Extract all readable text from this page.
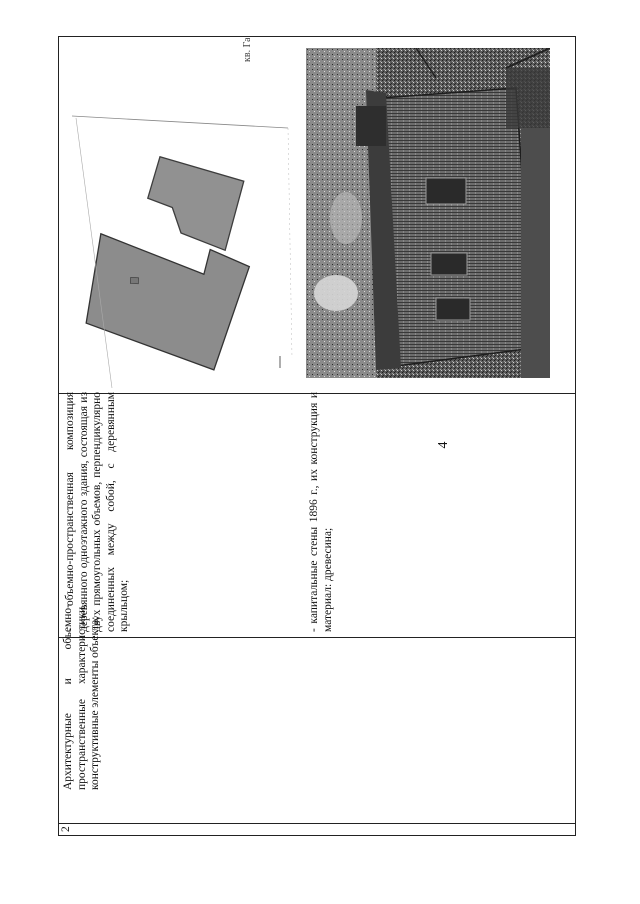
4
2
Архитектурные и объемно-пространственные характеристики, конструктивные элементы объекта:
- объемно-пространственная композиция деревянного одноэтажного здания, состоящая из двух прямоугольных объемов, перпендикулярно соединенных между собой, с деревянным крыльцом;	- капитальные стены 1896 г., их конструкция и материал: древесина;
кв. Гаи
